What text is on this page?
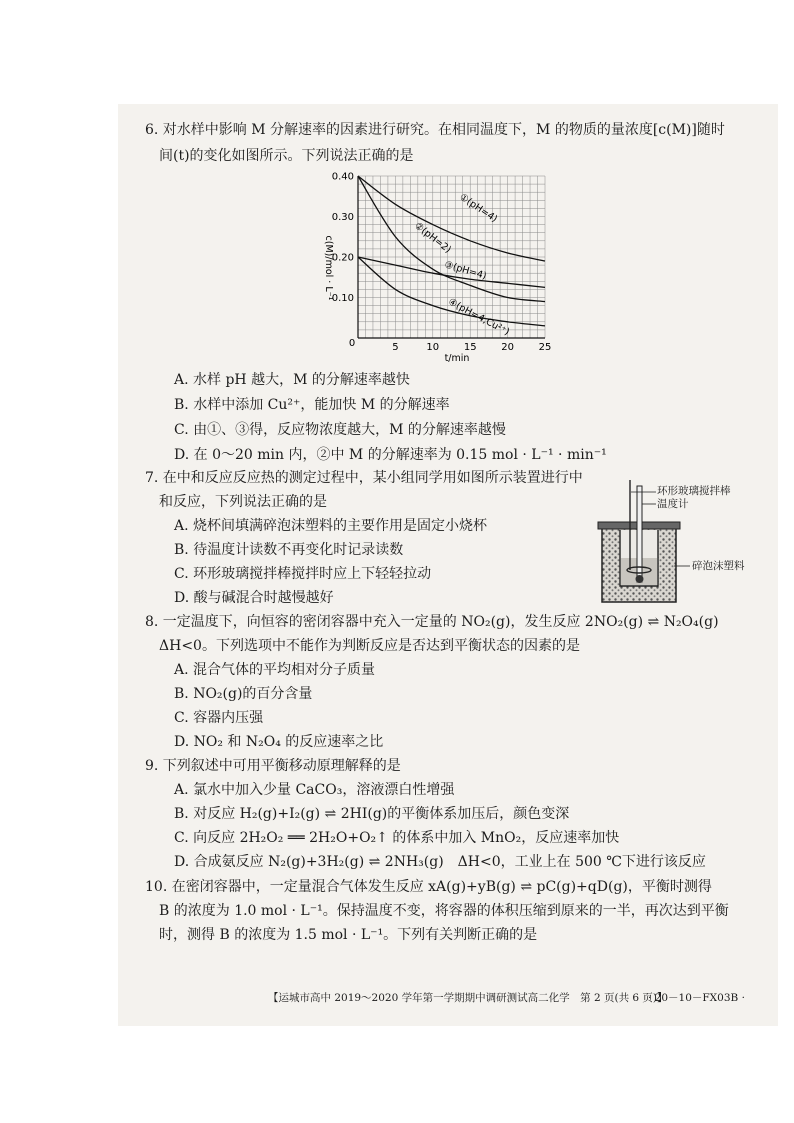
6. 对水样中影响 M 分解速率的因素进行研究。在相同温度下，M 的物质的量浓度[c(M)]随时
间(t)的变化如图所示。下列说法正确的是
5	10 15 20 25
0.40
0.30
0.20
0.10
①(pH=4)
②(pH=2)
③(pH=4)
④(pH=4,Cu²⁺)
c(M)/mol · L⁻¹
t/min
0
A. 水样 pH 越大，M 的分解速率越快
B. 水样中添加 Cu²⁺，能加快 M 的分解速率
C. 由①、③得，反应物浓度越大，M 的分解速率越慢
D. 在 0～20 min 内，②中 M 的分解速率为 0.15 mol · L⁻¹ · min⁻¹
7. 在中和反应反应热的测定过程中，某小组同学用如图所示装置进行中
和反应，下列说法正确的是
A. 烧杯间填满碎泡沫塑料的主要作用是固定小烧杯
B. 待温度计读数不再变化时记录读数
C. 环形玻璃搅拌棒搅拌时应上下轻轻拉动
D. 酸与碱混合时越慢越好
环形玻璃搅拌棒
温度计
碎泡沫塑料
8. 一定温度下，向恒容的密闭容器中充入一定量的 NO₂(g)，发生反应 2NO₂(g) ⇌ N₂O₄(g)
ΔH<0。下列选项中不能作为判断反应是否达到平衡状态的因素的是
A. 混合气体的平均相对分子质量
B. NO₂(g)的百分含量
C. 容器内压强
D. NO₂ 和 N₂O₄ 的反应速率之比
9. 下列叙述中可用平衡移动原理解释的是
A. 氯水中加入少量 CaCO₃，溶液漂白性增强
B. 对反应 H₂(g)+I₂(g) ⇌ 2HI(g)的平衡体系加压后，颜色变深
C. 向反应 2H₂O₂ ══ 2H₂O+O₂↑ 的体系中加入 MnO₂，反应速率加快
D. 合成氨反应 N₂(g)+3H₂(g) ⇌ 2NH₃(g)　ΔH<0，工业上在 500 ℃下进行该反应
10. 在密闭容器中，一定量混合气体发生反应 xA(g)+yB(g) ⇌ pC(g)+qD(g)，平衡时测得
B 的浓度为 1.0 mol · L⁻¹。保持温度不变，将容器的体积压缩到原来的一半，再次达到平衡
时，测得 B 的浓度为 1.5 mol · L⁻¹。下列有关判断正确的是
【运城市高中 2019～2020 学年第一学期期中调研测试高二化学　第 2 页(共 6 页)】
· 20－10－FX03B ·
